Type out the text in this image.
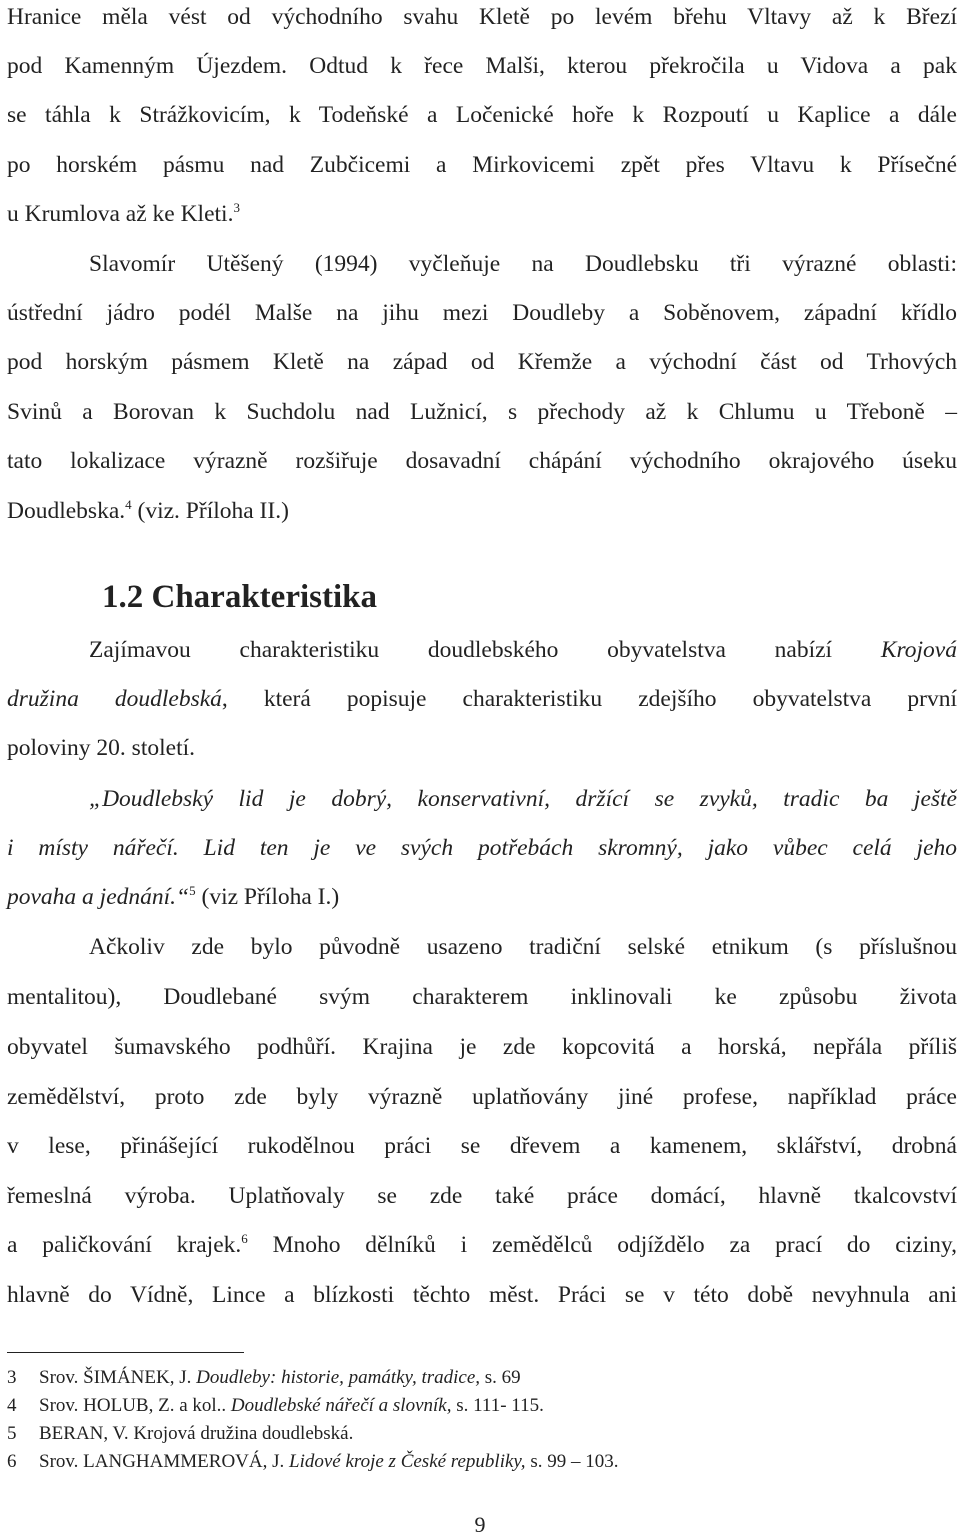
Hranice měla vést od východního svahu Kletě po levém břehu Vltavy až k Březí
pod Kamenným Újezdem. Odtud k řece Malši, kterou překročila u Vidova a pak
se táhla k Strážkovicím, k Todeňské a Ločenické hoře k Rozpoutí u Kaplice a dále
po horském pásmu nad Zubčicemi a Mirkovicemi zpět přes Vltavu k Přísečné
u Krumlova až ke Kleti.$^3$
Slavomír Utěšený (1994) vyčleňuje na Doudlebsku tři výrazné oblasti:
ústřední jádro podél Malše na jihu mezi Doudleby a Soběnovem, západní křídlo
pod horským pásmem Kletě na západ od Křemže a východní část od Trhových
Svinů a Borovan k Suchdolu nad Lužnicí, s přechody až k Chlumu u Třeboně –
tato lokalizace výrazně rozšiřuje dosavadní chápání východního okrajového úseku
Doudlebska.$^4$ (viz. Příloha II.)
1.2 Charakteristika
Zajímavou charakteristiku doudlebského obyvatelstva nabízí Krojová
družina doudlebská, která popisuje charakteristiku zdejšího obyvatelstva první
poloviny 20. století.
„Doudlebský lid je dobrý, konservativní, držící se zvyků, tradic ba ještě
i místy nářečí. Lid ten je ve svých potřebách skromný, jako vůbec celá jeho
povaha a jednání.“$^5$ (viz Příloha I.)
Ačkoliv zde bylo původně usazeno tradiční selské etnikum (s příslušnou
mentalitou), Doudlebané svým charakterem inklinovali ke způsobu života
obyvatel šumavského podhůří. Krajina je zde kopcovitá a horská, nepřála příliš
zemědělství, proto zde byly výrazně uplatňovány jiné profese, například práce
v lese, přinášející rukodělnou práci se dřevem a kamenem, sklářství, drobná
řemeslná výroba. Uplatňovaly se zde také práce domácí, hlavně tkalcovství
a paličkování krajek.$^6$ Mnoho dělníků i zemědělců odjíždělo za prací do ciziny,
hlavně do Vídně, Lince a blízkosti těchto měst. Práci se v této době nevyhnula ani
3 Srov. ŠIMÁNEK, J. Doudleby: historie, památky, tradice, s. 69
4 Srov. HOLUB, Z. a kol.. Doudlebské nářečí a slovník, s. 111- 115.
5 BERAN, V. Krojová družina doudlebská.
6 Srov. LANGHAMMEROVÁ, J. Lidové kroje z České republiky, s. 99 – 103.
9
